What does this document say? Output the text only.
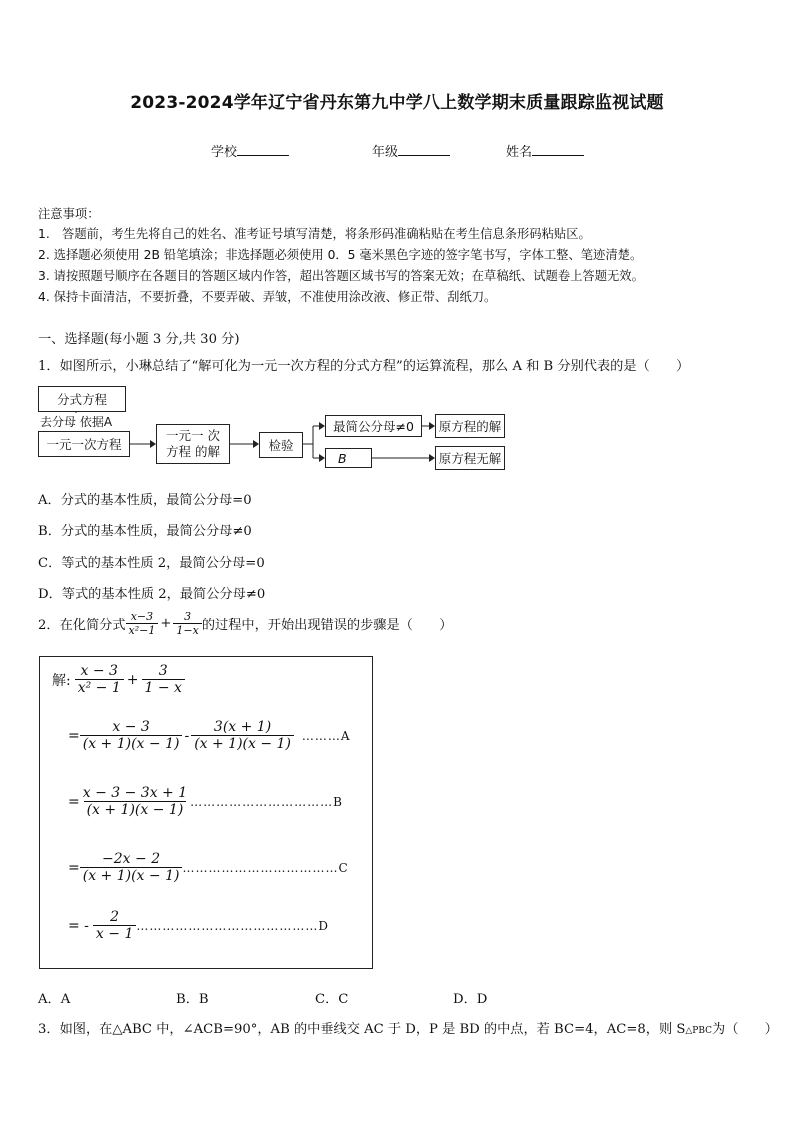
2023-2024学年辽宁省丹东第九中学八上数学期末质量跟踪监视试题
学校	年级	姓名
注意事项：
1.　答题前，考生先将自己的姓名、准考证号填写清楚，将条形码准确粘贴在考生信息条形码粘贴区。
2. 选择题必须使用 2B 铅笔填涂；非选择题必须使用 0．5 毫米黑色字迹的签字笔书写，字体工整、笔迹清楚。
3. 请按照题号顺序在各题目的答题区域内作答，超出答题区域书写的答案无效；在草稿纸、试题卷上答题无效。
4. 保持卡面清洁，不要折叠，不要弄破、弄皱，不准使用涂改液、修正带、刮纸刀。
一、选择题(每小题 3 分,共 30 分)
1．如图所示，小琳总结了“解可化为一元一次方程的分式方程”的运算流程，那么 A 和 B 分别代表的是（　　）
分式方程
去分母 依据A
一元一次方程
一元一 次
方程 的解	检验
最简公分母≠0
B
原方程的解
原方程无解
A．分式的基本性质，最简公分母=0
B．分式的基本性质，最简公分母≠0
C．等式的基本性质 2，最简公分母=0
D．等式的基本性质 2，最简公分母≠0
2．在化简分式 $\frac{x-3}{\text{x²−1}} + \frac{3}{1-x}$ 的过程中，开始出现错误的步骤是（　　）
解: $\frac{x - 3}{\text{x² − 1}} + \frac{3}{1 - x}$
= $\frac{x - 3}{(x + 1)(x - 1)} - \frac{3(x + 1)}{(x + 1)(x - 1)}$ ………A
= $\frac{x - 3 - 3x + 1}{(x + 1)(x - 1)}$ ……………………………B
= $\frac{-2x - 2}{(x + 1)(x - 1)}$ ………………………………C
= - $\frac{2}{x - 1}$ ……………………………………D
A．A	B．B	C．C	D．D
3．如图，在△ABC 中，∠ACB=90°，AB 的中垂线交 AC 于 D，P 是 BD 的中点，若 BC=4，AC=8，则 S△PBC为（　　）
